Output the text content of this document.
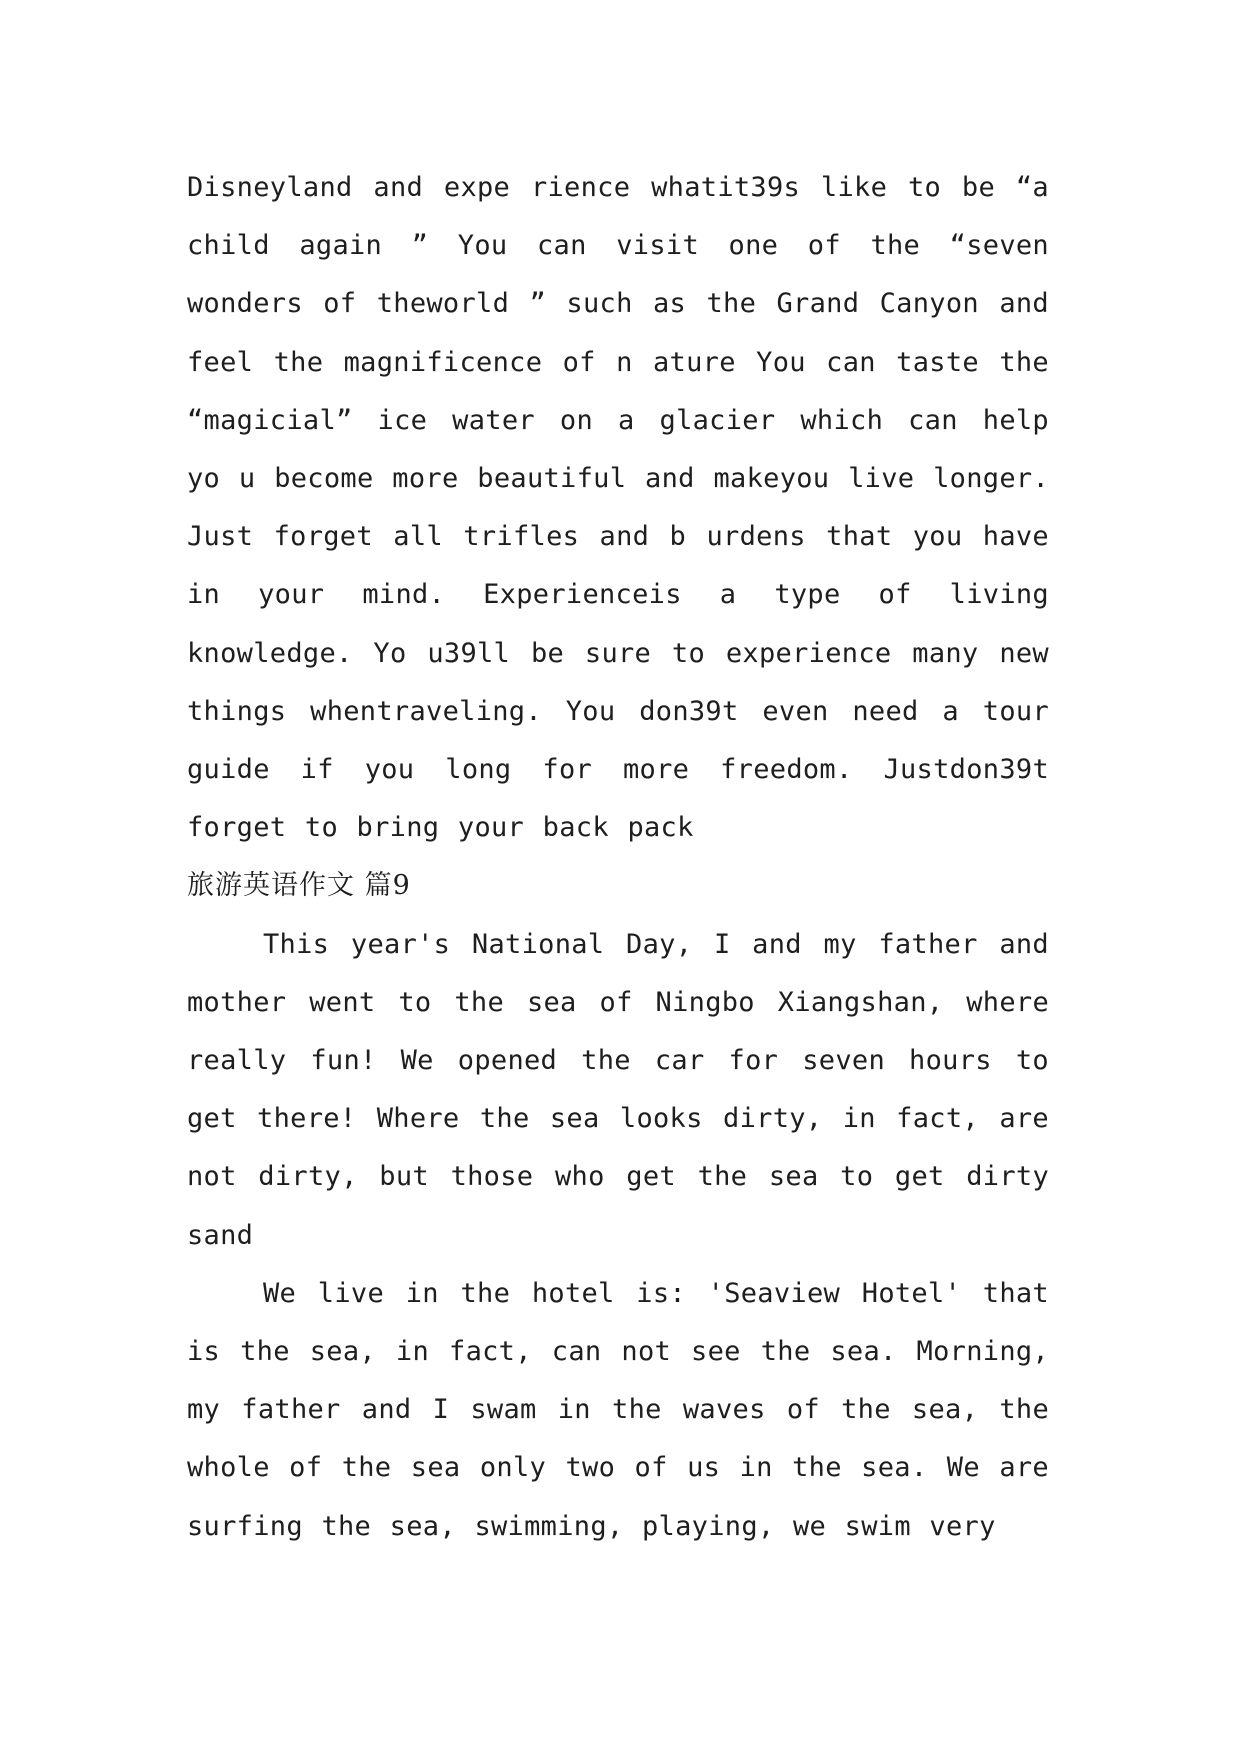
Disneyland and expe rience whatit39s like to be “a child again ” You can visit one of the “seven wonders of theworld ” such as the Grand Canyon and feel the magnificence of n ature You can taste the “magicial” ice water on a glacier which can help yo u become more beautiful and makeyou live longer. Just forget all trifles and b urdens that you have in your mind. Experienceis a type of living knowledge. Yo u39ll be sure to experience many new things whentraveling. You don39t even need a tour guide if you long for more freedom. Justdon39t forget to bring your back pack

旅游英语作文 篇9

This year's National Day, I and my father and mother went to the sea of Ningbo Xiangshan, where really fun! We opened the car for seven hours to get there! Where the sea looks dirty, in fact, are not dirty, but those who get the sea to get dirty sand

We live in the hotel is: 'Seaview Hotel' that is the sea, in fact, can not see the sea. Morning, my father and I swam in the waves of the sea, the whole of the sea only two of us in the sea. We are surfing the sea, swimming, playing, we swim very
